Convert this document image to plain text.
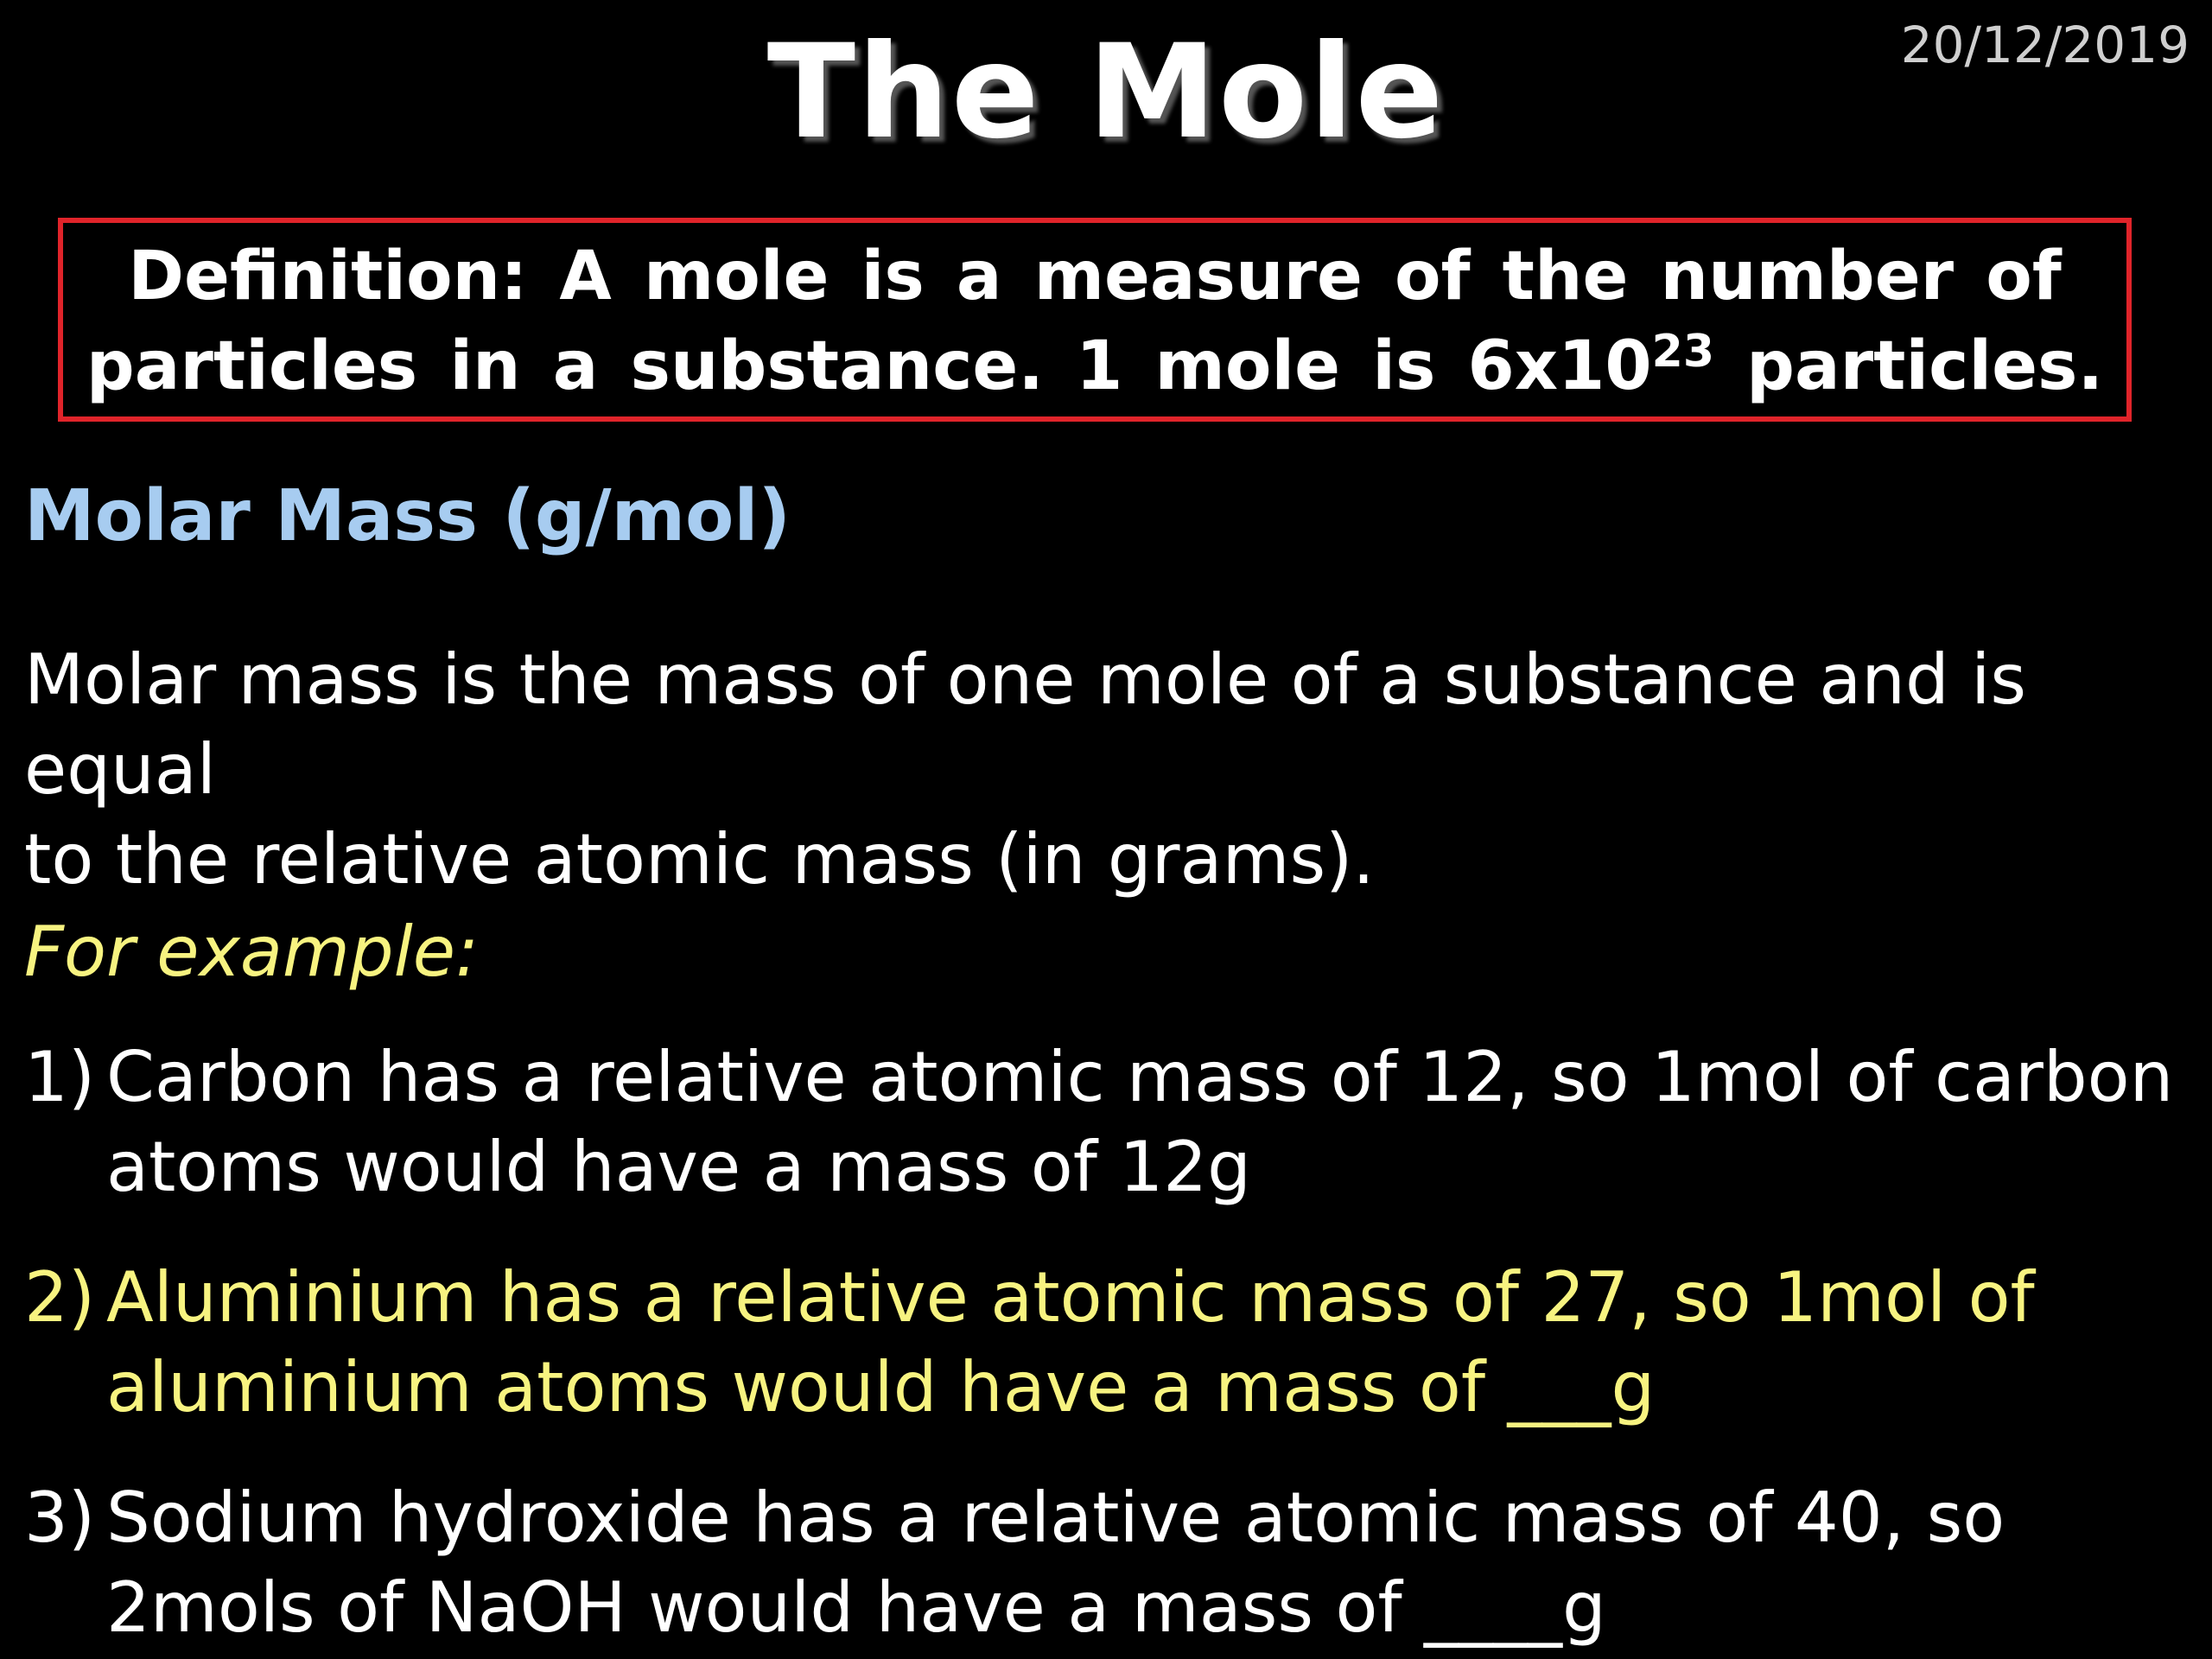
20/12/2019
The Mole
Definition: A mole is a measure of the number of
particles in a substance. 1 mole is $6x10^{23}$ particles.
Molar Mass (g/mol)
Molar mass is the mass of one mole of a substance and is equal
to the relative atomic mass (in grams).
For example:
1) Carbon has a relative atomic mass of 12, so 1mol of carbon
atoms would have a mass of 12g
2) Aluminium has a relative atomic mass of 27, so 1mol of
aluminium atoms would have a mass of ___g
3) Sodium hydroxide has a relative atomic mass of 40, so
2mols of NaOH would have a mass of ____g
